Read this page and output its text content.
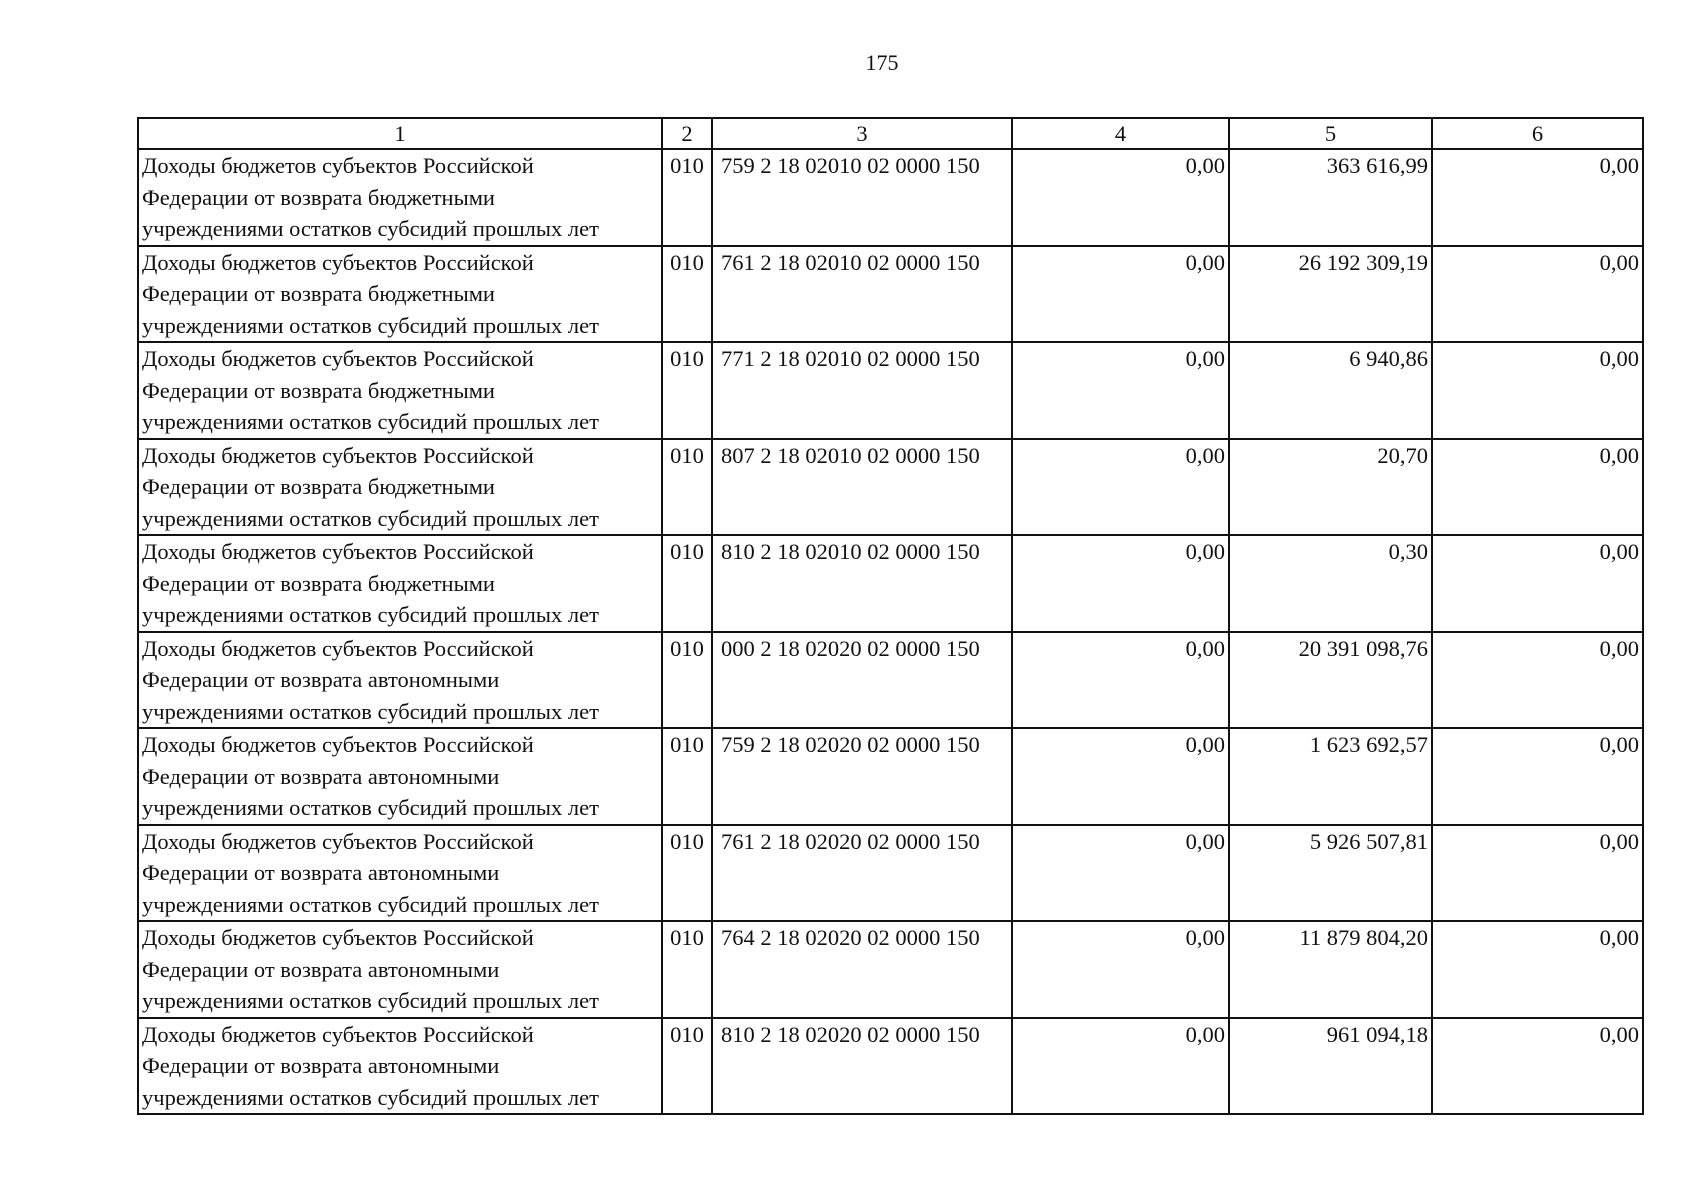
175
1	2	3	4	5	6

Доходы бюджетов субъектов Российской
Федерации от возврата бюджетными
учреждениями остатков субсидий прошлых лет	010	759 2 18 02010 02 0000 150	0,00	363 616,99	0,00

Доходы бюджетов субъектов Российской
Федерации от возврата бюджетными
учреждениями остатков субсидий прошлых лет	010	761 2 18 02010 02 0000 150	0,00	26 192 309,19	0,00

Доходы бюджетов субъектов Российской
Федерации от возврата бюджетными
учреждениями остатков субсидий прошлых лет	010	771 2 18 02010 02 0000 150	0,00	6 940,86	0,00

Доходы бюджетов субъектов Российской
Федерации от возврата бюджетными
учреждениями остатков субсидий прошлых лет	010	807 2 18 02010 02 0000 150	0,00	20,70	0,00

Доходы бюджетов субъектов Российской
Федерации от возврата бюджетными
учреждениями остатков субсидий прошлых лет	010	810 2 18 02010 02 0000 150	0,00	0,30	0,00

Доходы бюджетов субъектов Российской
Федерации от возврата автономными
учреждениями остатков субсидий прошлых лет	010	000 2 18 02020 02 0000 150	0,00	20 391 098,76	0,00

Доходы бюджетов субъектов Российской
Федерации от возврата автономными
учреждениями остатков субсидий прошлых лет	010	759 2 18 02020 02 0000 150	0,00	1 623 692,57	0,00

Доходы бюджетов субъектов Российской
Федерации от возврата автономными
учреждениями остатков субсидий прошлых лет	010	761 2 18 02020 02 0000 150	0,00	5 926 507,81	0,00

Доходы бюджетов субъектов Российской
Федерации от возврата автономными
учреждениями остатков субсидий прошлых лет	010	764 2 18 02020 02 0000 150	0,00	11 879 804,20	0,00

Доходы бюджетов субъектов Российской
Федерации от возврата автономными
учреждениями остатков субсидий прошлых лет	010	810 2 18 02020 02 0000 150	0,00	961 094,18	0,00
